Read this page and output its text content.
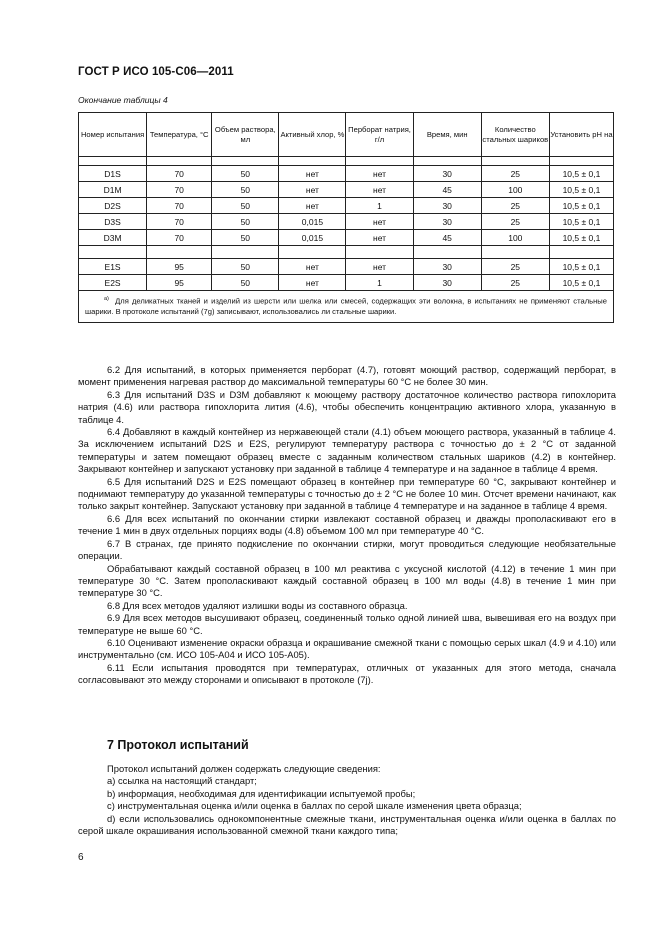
ГОСТ Р ИСО 105-С06—2011
Окончание таблицы 4
Номер испытания	Температура, °С	Объем раствора, мл	Активный хлор, %	Перборат натрия, г/л	Время, мин	Количество стальных шариков	Установить pH на

D1S	70	50	нет	нет	30	25	10,5 ± 0,1
D1M	70	50	нет	нет	45	100	10,5 ± 0,1
D2S	70	50	нет	1	30	25	10,5 ± 0,1
D3S	70	50	0,015	нет	30	25	10,5 ± 0,1
D3M	70	50	0,015	нет	45	100	10,5 ± 0,1

E1S	95	50	нет	нет	30	25	10,5 ± 0,1
E2S	95	50	нет	1	30	25	10,5 ± 0,1
$^{а)}$ Для деликатных тканей и изделий из шерсти или шелка или смесей, содержащих эти волокна, в испытаниях не применяют стальные шарики. В протоколе испытаний (7g) записывают, использовались ли стальные шарики.							

6.2 Для испытаний, в которых применяется перборат (4.7), готовят моющий раствор, содержащий перборат, в момент применения нагревая раствор до максимальной температуры 60 °С не более 30 мин.

6.3 Для испытаний D3S и D3M добавляют к моющему раствору достаточное количество раствора гипохлорита натрия (4.6) или раствора гипохлорита лития (4.6), чтобы обеспечить концентрацию активного хлора, указанную в таблице 4.

6.4 Добавляют в каждый контейнер из нержавеющей стали (4.1) объем моющего раствора, указанный в таблице 4. За исключением испытаний D2S и E2S, регулируют температуру раствора с точностью до ± 2 °С от заданной температуры и затем помещают образец вместе с заданным количеством стальных шариков (4.2) в контейнер. Закрывают контейнер и запускают установку при заданной в таблице 4 температуре и на заданное в таблице 4 время.

6.5 Для испытаний D2S и E2S помещают образец в контейнер при температуре 60 °С, закрывают контейнер и поднимают температуру до указанной температуры с точностью до ± 2 °С не более 10 мин. Отсчет времени начинают, как только закрыт контейнер. Запускают установку при заданной в таблице 4 температуре и на заданное в таблице 4 время.

6.6 Для всех испытаний по окончании стирки извлекают составной образец и дважды прополаскивают его в течение 1 мин в двух отдельных порциях воды (4.8) объемом 100 мл при температуре 40 °С.

6.7 В странах, где принято подкисление по окончании стирки, могут проводиться следующие необязательные операции.

Обрабатывают каждый составной образец в 100 мл реактива с уксусной кислотой (4.12) в течение 1 мин при температуре 30 °С. Затем прополаскивают каждый составной образец в 100 мл воды (4.8) в течение 1 мин при температуре 30 °С.

6.8 Для всех методов удаляют излишки воды из составного образца.

6.9 Для всех методов высушивают образец, соединенный только одной линией шва, вывешивая его на воздух при температуре не выше 60 °С.

6.10 Оценивают изменение окраски образца и окрашивание смежной ткани с помощью серых шкал (4.9 и 4.10) или инструментально (см. ИСО 105-А04 и ИСО 105-А05).

6.11 Если испытания проводятся при температурах, отличных от указанных для этого метода, сначала согласовывают это между сторонами и описывают в протоколе (7j).

7 Протокол испытаний

Протокол испытаний должен содержать следующие сведения:

a) ссылка на настоящий стандарт;

b) информация, необходимая для идентификации испытуемой пробы;

c) инструментальная оценка и/или оценка в баллах по серой шкале изменения цвета образца;

d) если использовались однокомпонентные смежные ткани, инструментальная оценка и/или оценка в баллах по серой шкале окрашивания использованной смежной ткани каждого типа;

6
